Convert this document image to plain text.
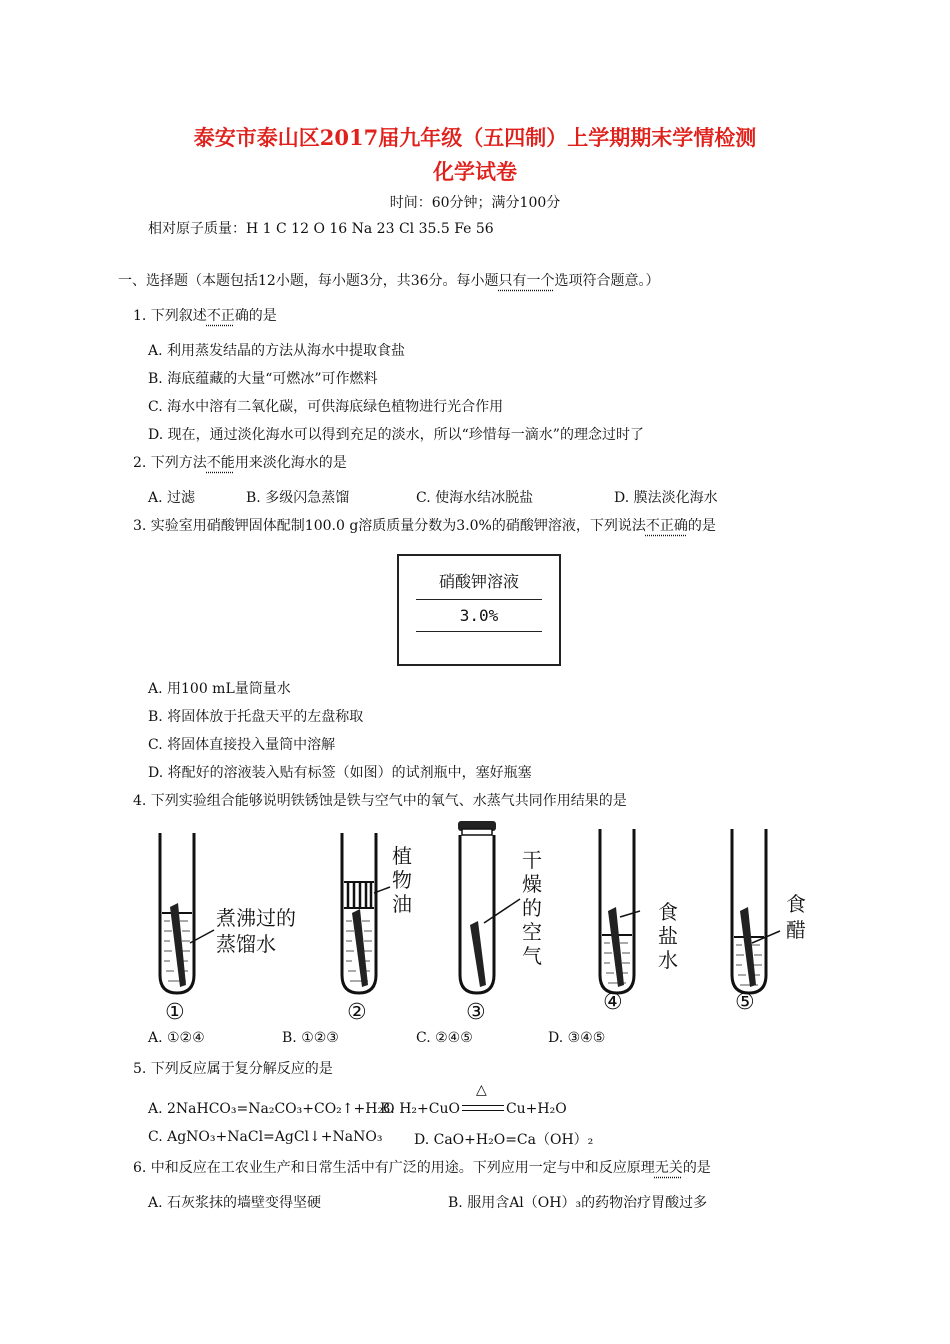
泰安市泰山区2017届九年级（五四制）上学期期末学情检测
化学试卷
时间：60分钟；满分100分
相对原子质量：H 1 C 12 O 16 Na 23 Cl 35.5 Fe 56
一、选择题（本题包括12小题，每小题3分，共36分。每小题只有一个选项符合题意。）
1. 下列叙述不正确的是
A. 利用蒸发结晶的方法从海水中提取食盐
B. 海底蕴藏的大量“可燃冰”可作燃料
C. 海水中溶有二氧化碳，可供海底绿色植物进行光合作用
D. 现在，通过淡化海水可以得到充足的淡水，所以“珍惜每一滴水”的理念过时了
2. 下列方法不能用来淡化海水的是
A. 过滤	B. 多级闪急蒸馏	C. 使海水结冰脱盐	D. 膜法淡化海水
3. 实验室用硝酸钾固体配制100.0 g溶质质量分数为3.0%的硝酸钾溶液，下列说法不正确的是
硝酸钾溶液
3.0%
A. 用100 mL量筒量水
B. 将固体放于托盘天平的左盘称取
C. 将固体直接投入量筒中溶解
D. 将配好的溶液装入贴有标签（如图）的试剂瓶中，塞好瓶塞
4. 下列实验组合能够说明铁锈蚀是铁与空气中的氧气、水蒸气共同作用结果的是
煮沸过的
蒸馏水
①
植
物
油
②
干
燥
的
空
气
③
食
盐
水
④
食
醋
⑤
A. ①②④	B. ①②③	C. ②④⑤	D. ③④⑤
5. 下列反应属于复分解反应的是
A. 2NaHCO₃=Na₂CO₃+CO₂↑+H₂O
B. H₂+CuO
△
Cu+H₂O
C. AgNO₃+NaCl=AgCl↓+NaNO₃ D. CaO+H₂O=Ca（OH）₂
6. 中和反应在工农业生产和日常生活中有广泛的用途。下列应用一定与中和反应原理无关的是
A. 石灰浆抹的墙壁变得坚硬	B. 服用含Al（OH）₃的药物治疗胃酸过多
